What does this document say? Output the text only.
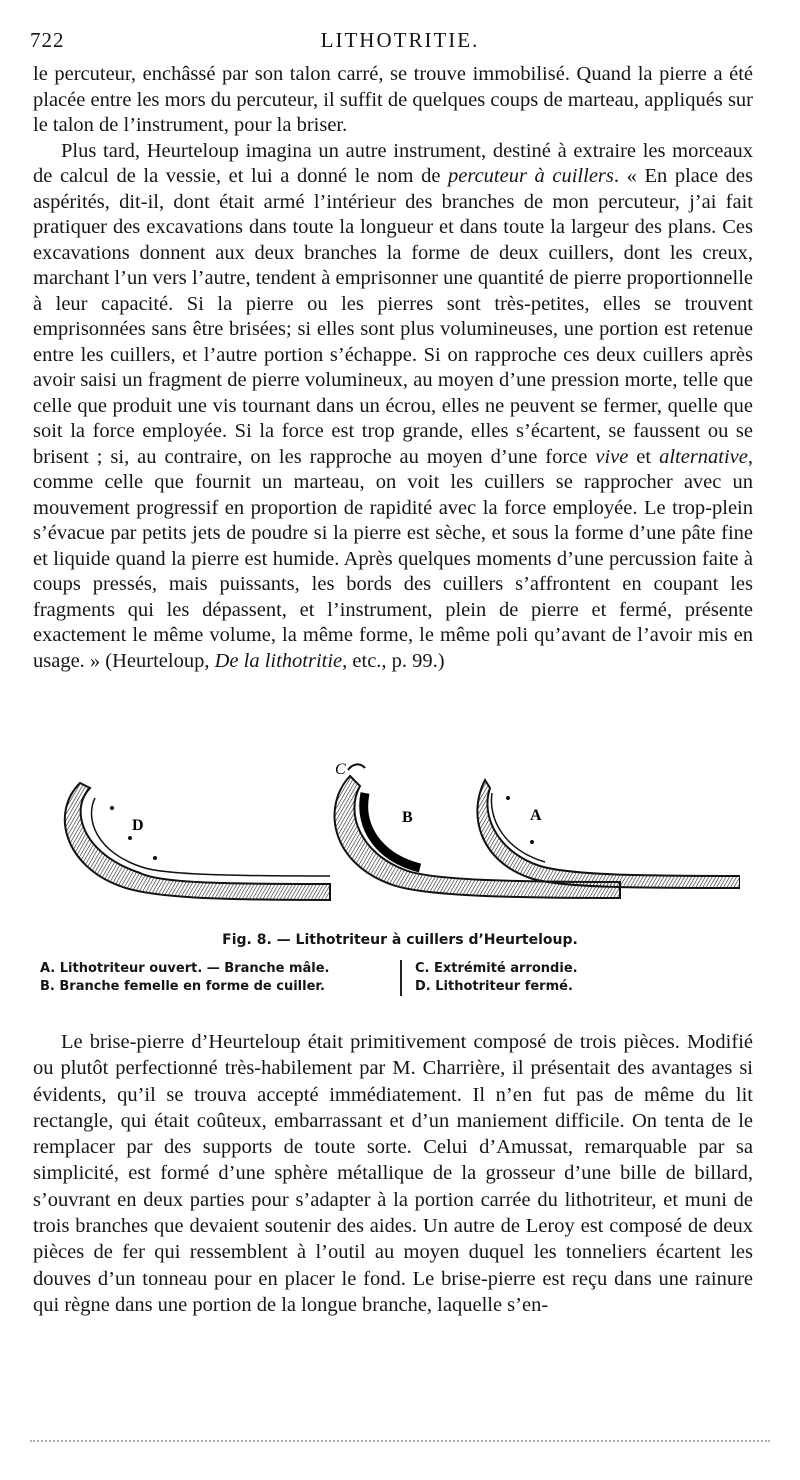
722	LITHOTRITIE.

le percuteur, enchâssé par son talon carré, se trouve immobilisé. Quand la pierre a été placée entre les mors du percuteur, il suffit de quelques coups de marteau, appliqués sur le talon de l’instrument, pour la briser.

Plus tard, Heurteloup imagina un autre instrument, destiné à extraire les morceaux de calcul de la vessie, et lui a donné le nom de percuteur à cuillers. « En place des aspérités, dit-il, dont était armé l’intérieur des branches de mon percuteur, j’ai fait pratiquer des excavations dans toute la longueur et dans toute la largeur des plans. Ces excavations donnent aux deux branches la forme de deux cuillers, dont les creux, marchant l’un vers l’autre, tendent à emprisonner une quantité de pierre proportionnelle à leur capacité. Si la pierre ou les pierres sont très-petites, elles se trouvent emprisonnées sans être brisées; si elles sont plus volumineuses, une portion est retenue entre les cuillers, et l’autre portion s’échappe. Si on rapproche ces deux cuillers après avoir saisi un fragment de pierre volumineux, au moyen d’une pression morte, telle que celle que produit une vis tournant dans un écrou, elles ne peuvent se fermer, quelle que soit la force employée. Si la force est trop grande, elles s’écartent, se faussent ou se brisent ; si, au contraire, on les rapproche au moyen d’une force vive et alternative, comme celle que fournit un marteau, on voit les cuillers se rapprocher avec un mouvement progressif en proportion de rapidité avec la force employée. Le trop-plein s’évacue par petits jets de poudre si la pierre est sèche, et sous la forme d’une pâte fine et liquide quand la pierre est humide. Après quelques moments d’une percussion faite à coups pressés, mais puissants, les bords des cuillers s’affrontent en coupant les fragments qui les dépassent, et l’instrument, plein de pierre et fermé, présente exactement le même volume, la même forme, le même poli qu’avant de l’avoir mis en usage. » (Heurteloup, De la lithotritie, etc., p. 99.)

D
C
B	A
Fig. 8. — Lithotriteur à cuillers d’Heurteloup.
A. Lithotriteur ouvert. — Branche mâle.
B. Branche femelle en forme de cuiller.
C. Extrémité arrondie.
D. Lithotriteur fermé.

Le brise-pierre d’Heurteloup était primitivement composé de trois pièces. Modifié ou plutôt perfectionné très-habilement par M. Charrière, il présentait des avantages si évidents, qu’il se trouva accepté immédiatement. Il n’en fut pas de même du lit rectangle, qui était coûteux, embarrassant et d’un maniement difficile. On tenta de le remplacer par des supports de toute sorte. Celui d’Amussat, remarquable par sa simplicité, est formé d’une sphère métallique de la grosseur d’une bille de billard, s’ouvrant en deux parties pour s’adapter à la portion carrée du lithotriteur, et muni de trois branches que devaient soutenir des aides. Un autre de Leroy est composé de deux pièces de fer qui ressemblent à l’outil au moyen duquel les tonneliers écartent les douves d’un tonneau pour en placer le fond. Le brise-pierre est reçu dans une rainure qui règne dans une portion de la longue branche, laquelle s’en-
